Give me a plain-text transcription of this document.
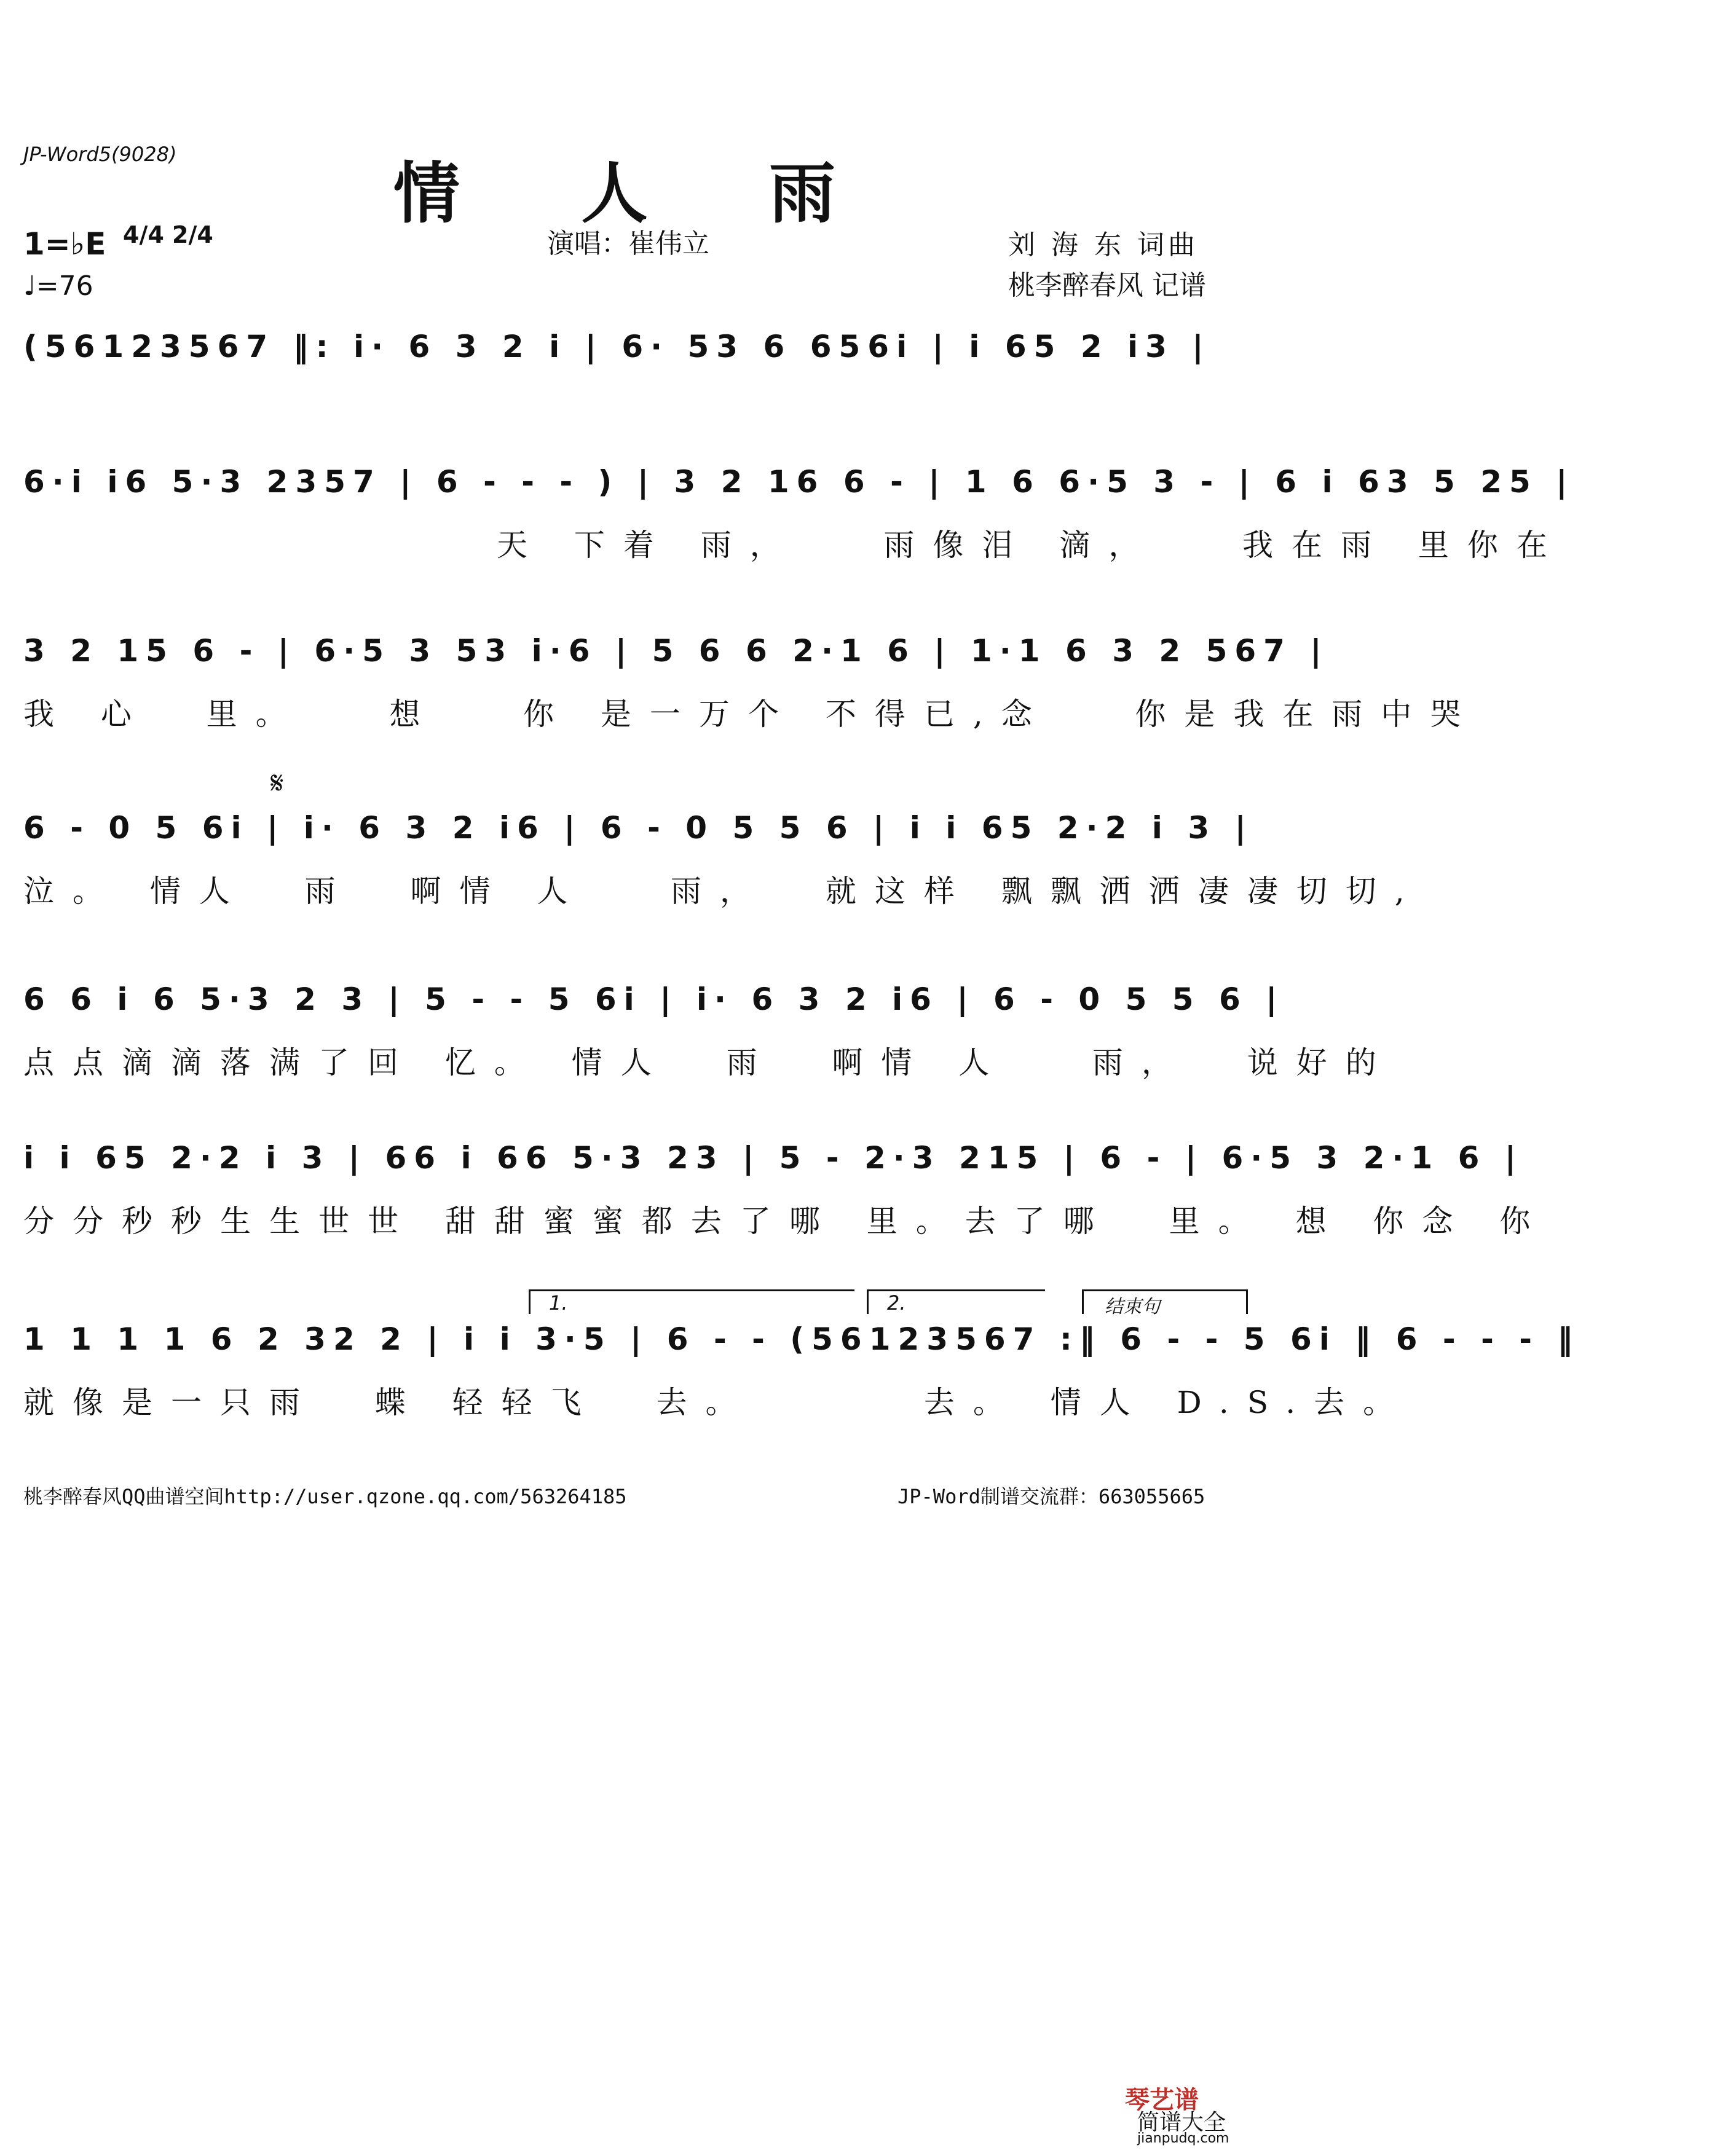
JP-Word5(9028)
情 人 雨
1=♭E 4/4 2/4
♩=76
演唱：崔伟立	刘 海 东 词曲
桃李醉春风 记谱
(56123567 ‖: i· 6 3 2 i | 6· 53 6 656i | i 65 2 i3 |
6·i i6 5·3 2357 | 6 - - - ) | 3 2 16 6 - | 1 6 6·5 3 - | 6 i 63 5 25 |
天 下着 雨，   雨像泪 滴，   我在雨 里你在
3 2 15 6 - | 6·5 3 53 i·6 | 5 6 6 2·1 6 | 1·1 6 3 2 567 |
我 心  里。   想   你 是一万个 不得已,念   你是我在雨中哭
𝄋
6 - 0 5 6i | i· 6 3 2 i6 | 6 - 0 5 5 6 | i i 65 2·2 i 3 |
泣。 情人  雨  啊情 人   雨，  就这样 飘飘洒洒凄凄切切,
6 6 i 6 5·3 2 3 | 5 - - 5 6i | i· 6 3 2 i6 | 6 - 0 5 5 6 |
点点滴滴落满了回 忆。 情人  雨  啊情 人   雨，  说好的
i i 65 2·2 i 3 | 66 i 66 5·3 23 | 5 - 2·3 215 | 6 - | 6·5 3 2·1 6 |
分分秒秒生生世世 甜甜蜜蜜都去了哪 里。去了哪  里。 想 你念 你
1.	2.	结束句
1 1 1 1 6 2 32 2 | i i 3·5 | 6 - - (56123567 :‖ 6 - - 5 6i ‖ 6 - - - ‖
就像是一只雨  蝶 轻轻飞  去。      去。 情人 D.S.去。
桃李醉春风QQ曲谱空间http://user.qzone.qq.com/563264185	JP-Word制谱交流群：663055665
琴艺谱
简谱大全
jianpudq.com
